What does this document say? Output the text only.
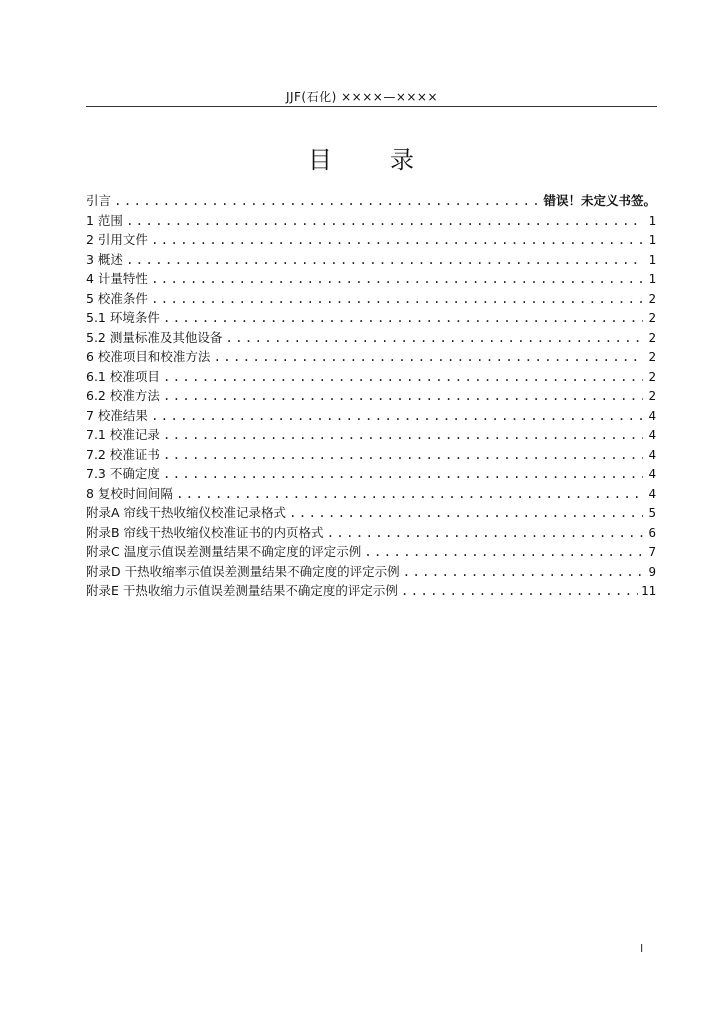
JJF(石化) ××××—××××
目 录
引言 .....	错误！未定义书签。
1 范围 .....	1
2 引用文件 .....	1
3 概述 .....	1
4 计量特性 .....	1
5 校准条件 .....	2
5.1 环境条件 .....	2
5.2 测量标准及其他设备 .....	2
6 校准项目和校准方法 .....	2
6.1 校准项目 .....	2
6.2 校准方法 .....	2
7 校准结果 .....	4
7.1 校准记录 .....	4
7.2 校准证书 .....	4
7.3 不确定度 .....	4
8 复校时间间隔 .....	4
附录A 帘线干热收缩仪校准记录格式 .....	5
附录B 帘线干热收缩仪校准证书的内页格式 .....	6
附录C 温度示值误差测量结果不确定度的评定示例 .....	7
附录D 干热收缩率示值误差测量结果不确定度的评定示例 .....	9
附录E 干热收缩力示值误差测量结果不确定度的评定示例 .....	11
I
